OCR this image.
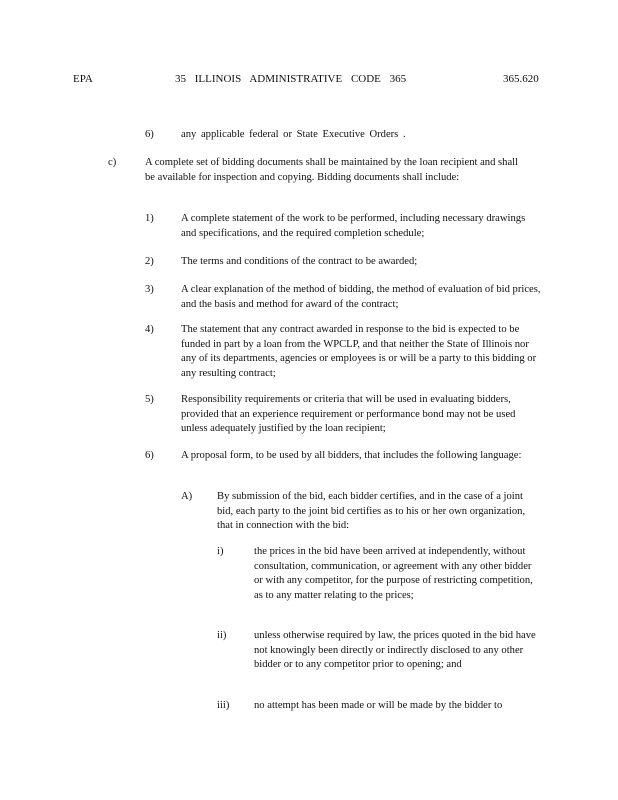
EPA	35 ILLINOIS ADMINISTRATIVE CODE 365	365.620
6)	any applicable federal or State Executive Orders .
c)	A complete set of bidding documents shall be maintained by the loan recipient and shall be available for inspection and copying. Bidding documents shall include:
1)	A complete statement of the work to be performed, including necessary drawings and specifications, and the required completion schedule;
2)	The terms and conditions of the contract to be awarded;
3)	A clear explanation of the method of bidding, the method of evaluation of bid prices, and the basis and method for award of the contract;
4)	The statement that any contract awarded in response to the bid is expected to be funded in part by a loan from the WPCLP, and that neither the State of Illinois nor any of its departments, agencies or employees is or will be a party to this bidding or any resulting contract;
5)	Responsibility requirements or criteria that will be used in evaluating bidders, provided that an experience requirement or performance bond may not be used unless adequately justified by the loan recipient;
6)	A proposal form, to be used by all bidders, that includes the following language:
A) By submission of the bid, each bidder certifies, and in the case of a joint bid, each party to the joint bid certifies as to his or her own organization, that in connection with the bid:
i)	the prices in the bid have been arrived at independently, without consultation, communication, or agreement with any other bidder or with any competitor, for the purpose of restricting competition, as to any matter relating to the prices;
ii)	unless otherwise required by law, the prices quoted in the bid have not knowingly been directly or indirectly disclosed to any other bidder or to any competitor prior to opening; and
iii) no attempt has been made or will be made by the bidder to
